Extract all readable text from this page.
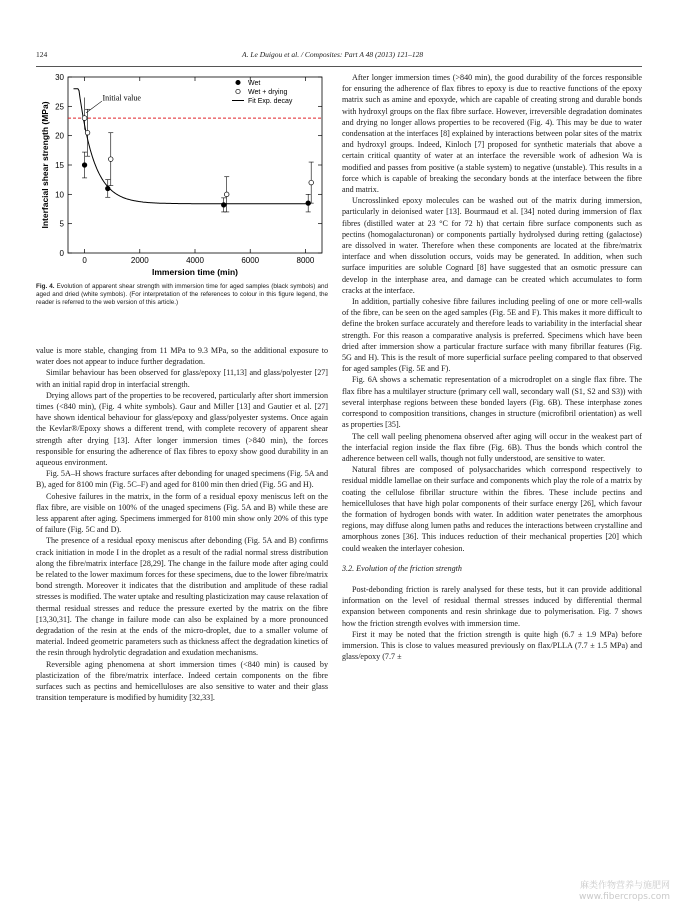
124	A. Le Duigou et al. / Composites: Part A 48 (2013) 121–128
0	2000	4000	6000	8000
0
5
10
15
20
25
30
Immersion time (min)
Interfacial shear strength (MPa)
Initial value
Wet
Wet + drying
Fit Exp. decay
Fig. 4. Evolution of apparent shear strength with immersion time for aged samples (black symbols) and aged and dried (white symbols). (For interpretation of the references to colour in this figure legend, the reader is referred to the web version of this article.)

value is more stable, changing from 11 MPa to 9.3 MPa, so the additional exposure to water does not appear to induce further degradation.

Similar behaviour has been observed for glass/epoxy [11,13] and glass/polyester [27] with an initial rapid drop in interfacial strength.

Drying allows part of the properties to be recovered, particularly after short immersion times (<840 min), (Fig. 4 white symbols). Gaur and Miller [13] and Gautier et al. [27] have shown identical behaviour for glass/epoxy and glass/polyester systems. Once again the Kevlar®/Epoxy shows a different trend, with complete recovery of apparent shear strength after drying [13]. After longer immersion times (>840 min), the forces responsible for ensuring the adherence of flax fibres to epoxy show good durability in an aqueous environment.

Fig. 5A–H shows fracture surfaces after debonding for unaged specimens (Fig. 5A and B), aged for 8100 min (Fig. 5C–F) and aged for 8100 min then dried (Fig. 5G and H).

Cohesive failures in the matrix, in the form of a residual epoxy meniscus left on the flax fibre, are visible on 100% of the unaged specimens (Fig. 5A and B) while these are less apparent after aging. Specimens immerged for 8100 min show only 20% of this type of failure (Fig. 5C and D).

The presence of a residual epoxy meniscus after debonding (Fig. 5A and B) confirms crack initiation in mode I in the droplet as a result of the radial normal stress distribution along the fibre/matrix interface [28,29]. The change in the failure mode after aging could be related to the lower maximum forces for these specimens, due to the lower fibre/matrix bond strength. Moreover it indicates that the distribution and amplitude of these radial stresses is modified. The water uptake and resulting plasticization may cause relaxation of thermal residual stresses and reduce the pressure exerted by the matrix on the fibre [13,30,31]. The change in failure mode can also be explained by a more pronounced degradation of the resin at the ends of the micro-droplet, due to a smaller volume of material. Indeed geometric parameters such as thickness affect the degradation kinetics of the resin through hydrolytic degradation and exudation mechanisms.

Reversible aging phenomena at short immersion times (<840 min) is caused by plasticization of the fibre/matrix interface. Indeed certain components on the fibre surfaces such as pectins and hemicelluloses are also sensitive to water and their glass transition temperature is modified by humidity [32,33].

After longer immersion times (>840 min), the good durability of the forces responsible for ensuring the adherence of flax fibres to epoxy is due to reactive functions of the epoxy matrix such as amine and epoxyde, which are capable of creating strong and durable bonds with hydroxyl groups on the flax fibre surface. However, irreversible degradation dominates and drying no longer allows properties to be recovered (Fig. 4). This may be due to water condensation at the interfaces [8] explained by interactions between polar sites of the matrix and hydroxyl groups. Indeed, Kinloch [7] proposed for synthetic materials that above a certain critical quantity of water at an interface the reversible work of adhesion Wa is modified and passes from positive (a stable system) to negative (unstable). This results in a force which is capable of breaking the secondary bonds at the interface between the fibre and matrix.

Uncrosslinked epoxy molecules can be washed out of the matrix during immersion, particularly in deionised water [13]. Bourmaud et al. [34] noted during immersion of flax fibres (distilled water at 23 °C for 72 h) that certain fibre surface components such as pectins (homogalacturonan) or components partially hydrolysed during retting (galactose) are dissolved in water. Therefore when these components are located at the fibre/matrix interface and when dissolution occurs, voids may be generated. In addition, when such surface impurities are soluble Cognard [8] have suggested that an osmotic pressure can develop in the interphase area, and damage can be created which accumulates to form cracks at the interface.

In addition, partially cohesive fibre failures including peeling of one or more cell-walls of the fibre, can be seen on the aged samples (Fig. 5E and F). This makes it more difficult to define the broken surface accurately and therefore leads to variability in the interfacial shear strength. For this reason a comparative analysis is preferred. Specimens which have been dried after immersion show a particular fracture surface with many fibrillar features (Fig. 5G and H). This is the result of more superficial surface peeling compared to that observed for aged samples (Fig. 5E and F).

Fig. 6A shows a schematic representation of a microdroplet on a single flax fibre. The flax fibre has a multilayer structure (primary cell wall, secondary wall (S1, S2 and S3)) with several interphase regions between these bonded layers (Fig. 6B). These interphase zones correspond to composition transitions, changes in structure (microfibril orientation) as well as properties [35].

The cell wall peeling phenomena observed after aging will occur in the weakest part of the interfacial region inside the flax fibre (Fig. 6B). Thus the bonds which control the adherence between cell walls, though not fully understood, are sensitive to water.

Natural fibres are composed of polysaccharides which correspond respectively to residual middle lamellae on their surface and components which play the role of a matrix by coating the cellulose fibrillar structure within the fibres. These include pectins and hemicelluloses that have high polar components of their surface energy [26], which favour the formation of hydrogen bonds with water. In addition water penetrates the amorphous regions, may diffuse along lumen paths and reduces the interactions between crystalline and amorphous zones [36]. This induces reduction of their mechanical properties [20] which could weaken the interlayer cohesion.

3.2. Evolution of the friction strength

Post-debonding friction is rarely analysed for these tests, but it can provide additional information on the level of residual thermal stresses induced by differential thermal expansion between components and resin shrinkage due to polymerisation. Fig. 7 shows how the friction strength evolves with immersion time.

First it may be noted that the friction strength is quite high (6.7 ± 1.9 MPa) before immersion. This is close to values measured previously on flax/PLLA (7.7 ± 1.5 MPa) and glass/epoxy (7.7 ±

麻类作物营养与施肥网
www.fibercrops.com
